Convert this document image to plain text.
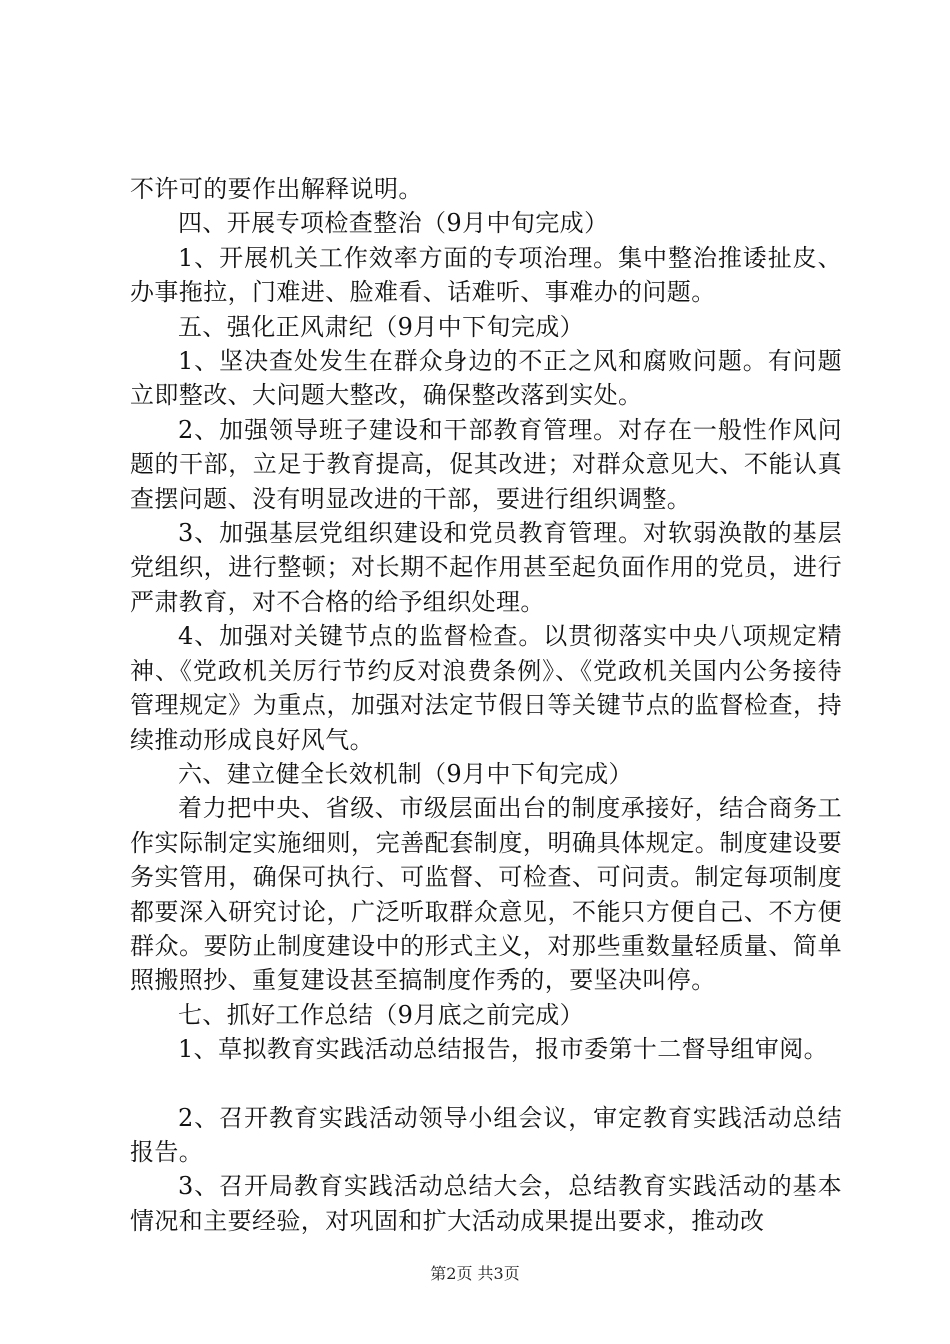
不许可的要作出解释说明。

四、开展专项检查整治（9月中旬完成）

1、开展机关工作效率方面的专项治理。集中整治推诿扯皮、办事拖拉，门难进、脸难看、话难听、事难办的问题。

五、强化正风肃纪（9月中下旬完成）

1、坚决查处发生在群众身边的不正之风和腐败问题。有问题立即整改、大问题大整改，确保整改落到实处。

2、加强领导班子建设和干部教育管理。对存在一般性作风问题的干部，立足于教育提高，促其改进；对群众意见大、不能认真查摆问题、没有明显改进的干部，要进行组织调整。

3、加强基层党组织建设和党员教育管理。对软弱涣散的基层党组织，进行整顿；对长期不起作用甚至起负面作用的党员，进行严肃教育，对不合格的给予组织处理。

4、加强对关键节点的监督检查。以贯彻落实中央八项规定精神、《党政机关厉行节约反对浪费条例》、《党政机关国内公务接待管理规定》为重点，加强对法定节假日等关键节点的监督检查，持续推动形成良好风气。

六、建立健全长效机制（9月中下旬完成）

着力把中央、省级、市级层面出台的制度承接好，结合商务工作实际制定实施细则，完善配套制度，明确具体规定。制度建设要务实管用，确保可执行、可监督、可检查、可问责。制定每项制度都要深入研究讨论，广泛听取群众意见，不能只方便自己、不方便群众。要防止制度建设中的形式主义，对那些重数量轻质量、简单照搬照抄、重复建设甚至搞制度作秀的，要坚决叫停。

七、抓好工作总结（9月底之前完成）

1、草拟教育实践活动总结报告，报市委第十二督导组审阅。

2、召开教育实践活动领导小组会议，审定教育实践活动总结报告。

3、召开局教育实践活动总结大会，总结教育实践活动的基本情况和主要经验，对巩固和扩大活动成果提出要求，推动改

第2页 共3页
